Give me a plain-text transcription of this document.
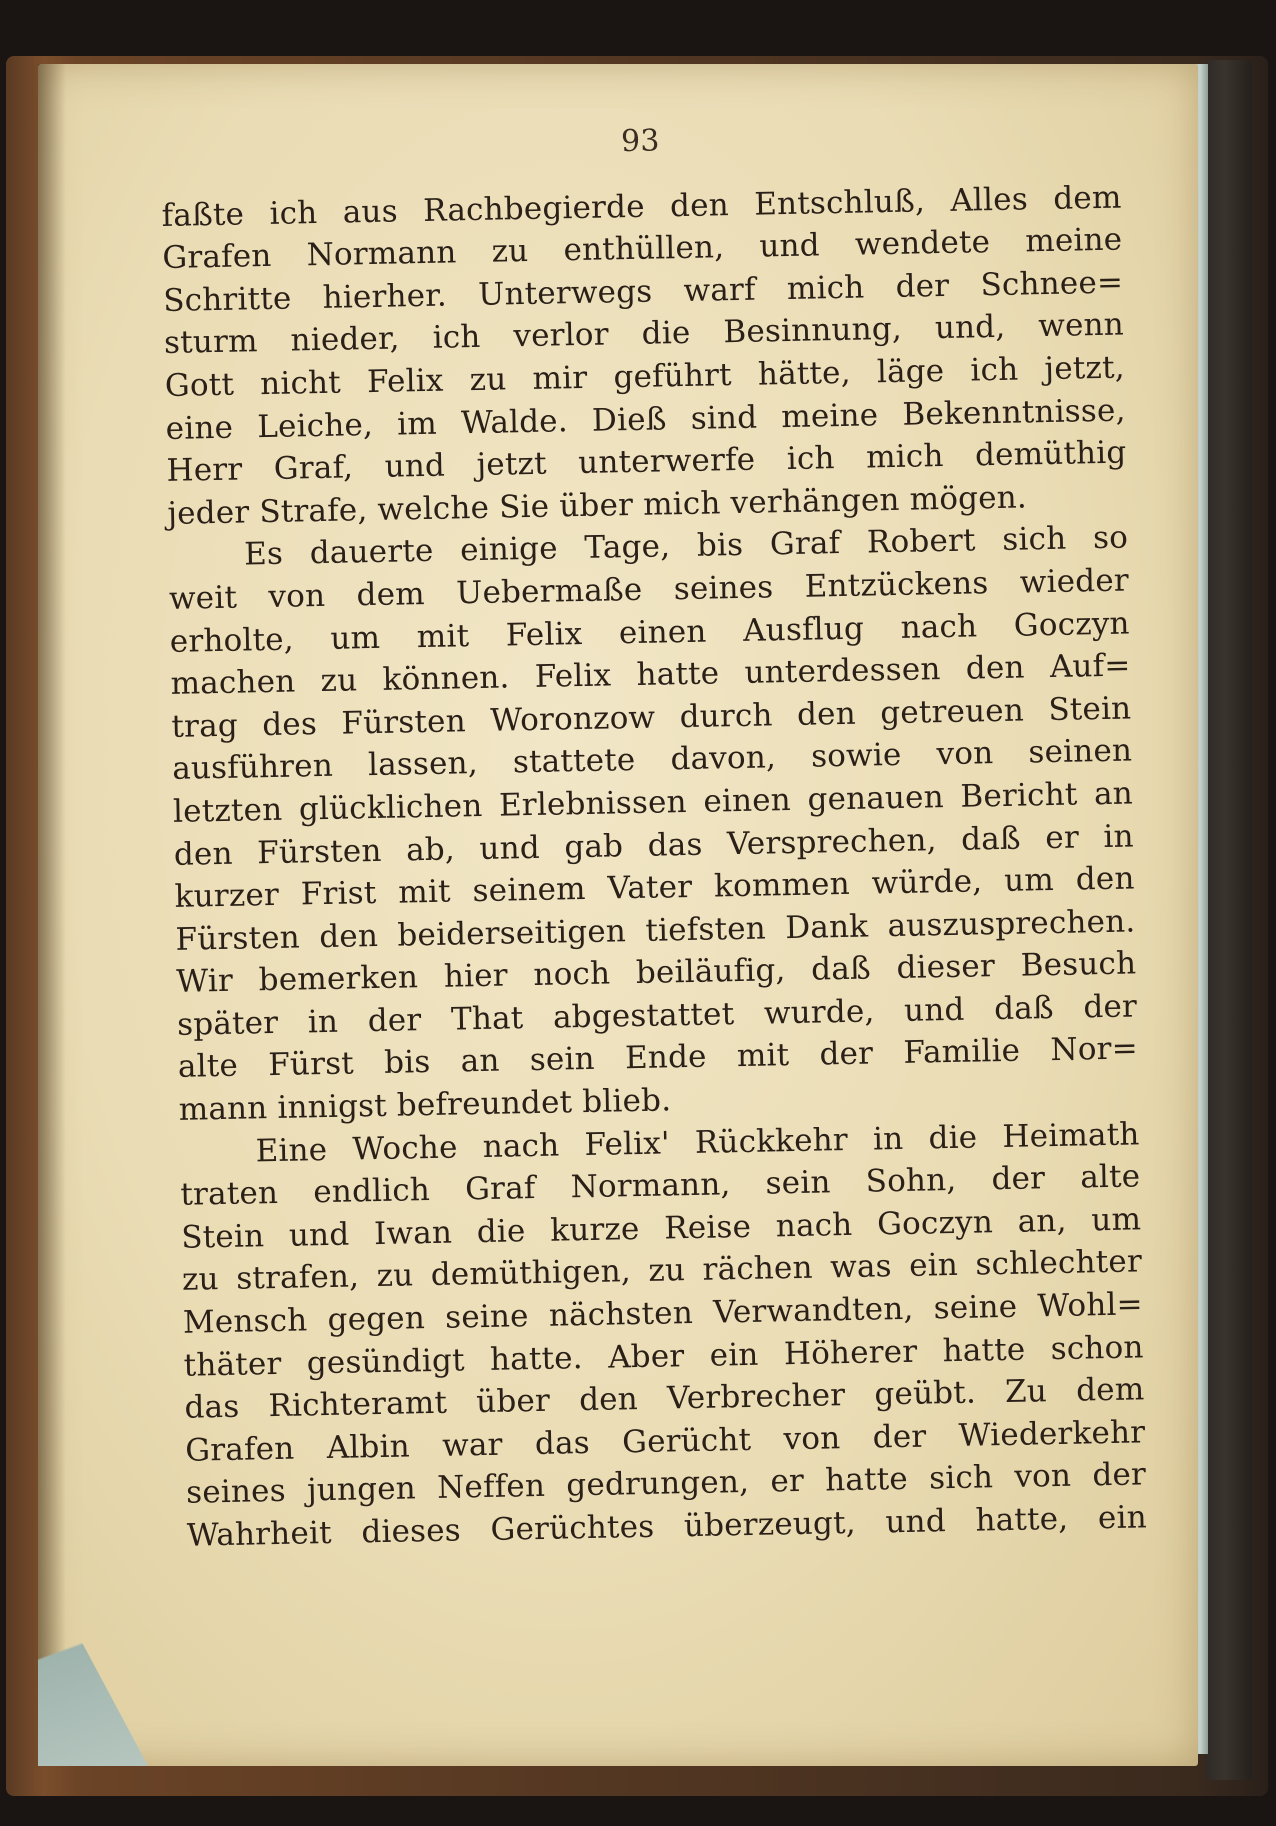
93
faßte ich aus Rachbegierde den Entschluß, Alles dem
Grafen Normann zu enthüllen, und wendete meine
Schritte hierher. Unterwegs warf mich der Schnee=
sturm nieder, ich verlor die Besinnung, und, wenn
Gott nicht Felix zu mir geführt hätte, läge ich jetzt,
eine Leiche, im Walde. Dieß sind meine Bekenntnisse,
Herr Graf, und jetzt unterwerfe ich mich demüthig
jeder Strafe, welche Sie über mich verhängen mögen.
Es dauerte einige Tage, bis Graf Robert sich so
weit von dem Uebermaße seines Entzückens wieder
erholte, um mit Felix einen Ausflug nach Goczyn
machen zu können. Felix hatte unterdessen den Auf=
trag des Fürsten Woronzow durch den getreuen Stein
ausführen lassen, stattete davon, sowie von seinen
letzten glücklichen Erlebnissen einen genauen Bericht an
den Fürsten ab, und gab das Versprechen, daß er in
kurzer Frist mit seinem Vater kommen würde, um den
Fürsten den beiderseitigen tiefsten Dank auszusprechen.
Wir bemerken hier noch beiläufig, daß dieser Besuch
später in der That abgestattet wurde, und daß der
alte Fürst bis an sein Ende mit der Familie Nor=
mann innigst befreundet blieb.
Eine Woche nach Felix' Rückkehr in die Heimath
traten endlich Graf Normann, sein Sohn, der alte
Stein und Iwan die kurze Reise nach Goczyn an, um
zu strafen, zu demüthigen, zu rächen was ein schlechter
Mensch gegen seine nächsten Verwandten, seine Wohl=
thäter gesündigt hatte. Aber ein Höherer hatte schon
das Richteramt über den Verbrecher geübt. Zu dem
Grafen Albin war das Gerücht von der Wiederkehr
seines jungen Neffen gedrungen, er hatte sich von der
Wahrheit dieses Gerüchtes überzeugt, und hatte, ein
